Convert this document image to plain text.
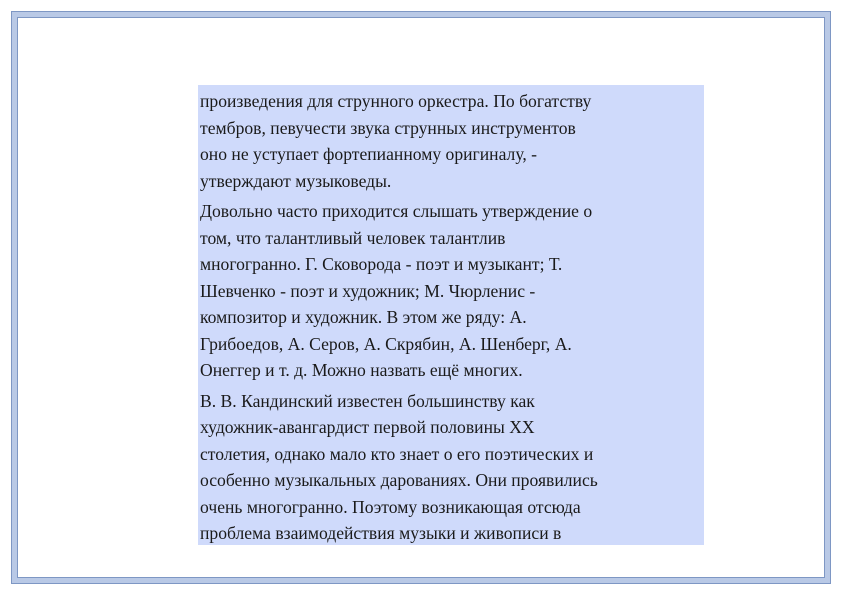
произведения для струнного оркестра. По богатству
тембров, певучести звука струнных инструментов
оно не уступает фортепианному оригиналу, -
утверждают музыковеды.

Довольно часто приходится слышать утверждение о
том, что талантливый человек талантлив
многогранно. Г. Сковорода - поэт и музыкант; Т.
Шевченко - поэт и художник; М. Чюрленис -
композитор и художник. В этом же ряду: А.
Грибоедов, А. Серов, А. Скрябин, А. Шенберг, А.
Онеггер и т. д. Можно назвать ещё многих.

В. В. Кандинский известен большинству как
художник-авангардист первой половины XX
столетия, однако мало кто знает о его поэтических и
особенно музыкальных дарованиях. Они проявились
очень многогранно. Поэтому возникающая отсюда
проблема взаимодействия музыки и живописи в
